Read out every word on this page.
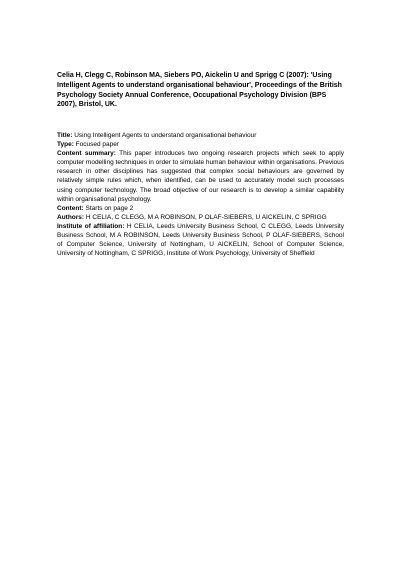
Celia H, Clegg C, Robinson MA, Siebers PO, Aickelin U and Sprigg C (2007): 'Using Intelligent Agents to understand organisational behaviour', Proceedings of the British Psychology Society Annual Conference, Occupational Psychology Division (BPS 2007), Bristol, UK.
Title: Using Intelligent Agents to understand organisational behaviour
Type: Focused paper
Content summary: This paper introduces two ongoing research projects which seek to apply computer modelling techniques in order to simulate human behaviour within organisations. Previous research in other disciplines has suggested that complex social behaviours are governed by relatively simple rules which, when identified, can be used to accurately model such processes using computer technology. The broad objective of our research is to develop a similar capability within organisational psychology.
Content: Starts on page 2
Authors: H CELIA, C CLEGG, M A ROBINSON, P OLAF-SIEBERS, U AICKELIN, C SPRIGG
Institute of affiliation: H CELIA, Leeds University Business School, C CLEGG, Leeds University Business School, M A ROBINSON, Leeds University Business School, P OLAF-SIEBERS, School of Computer Science, University of Nottingham, U AICKELIN, School of Computer Science, University of Nottingham, C SPRIGG, Institute of Work Psychology, University of Sheffield
